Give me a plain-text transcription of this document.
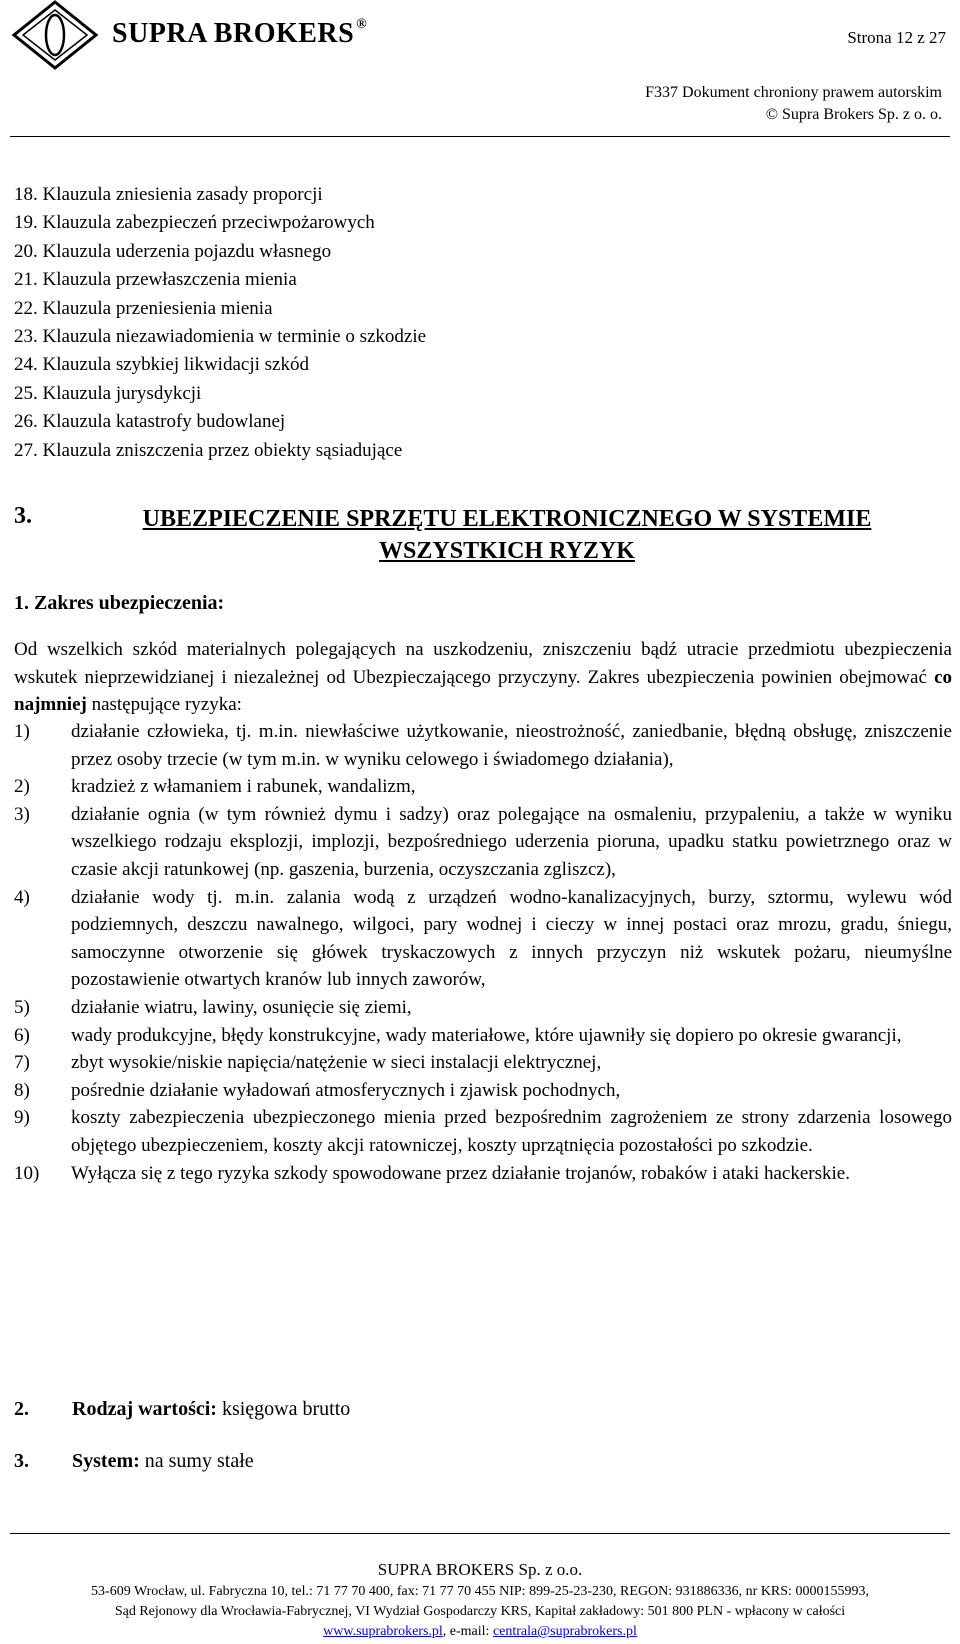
SUPRA BROKERS ®
Strona 12 z 27
F337 Dokument chroniony prawem autorskim
© Supra Brokers Sp. z o. o.
18. Klauzula zniesienia zasady proporcji
19. Klauzula zabezpieczeń przeciwpożarowych
20. Klauzula uderzenia pojazdu własnego
21. Klauzula przewłaszczenia mienia
22. Klauzula przeniesienia mienia
23. Klauzula niezawiadomienia w terminie o szkodzie
24. Klauzula szybkiej likwidacji szkód
25. Klauzula jurysdykcji
26. Klauzula katastrofy budowlanej
27. Klauzula zniszczenia przez obiekty sąsiadujące
3.	UBEZPIECZENIE SPRZĘTU ELEKTRONICZNEGO W SYSTEMIE WSZYSTKICH RYZYK
1. Zakres ubezpieczenia:
Od wszelkich szkód materialnych polegających na uszkodzeniu, zniszczeniu bądź utracie przedmiotu ubezpieczenia wskutek nieprzewidzianej i niezależnej od Ubezpieczającego przyczyny. Zakres ubezpieczenia powinien obejmować co najmniej następujące ryzyka:
1) działanie człowieka, tj. m.in. niewłaściwe użytkowanie, nieostrożność, zaniedbanie, błędną obsługę, zniszczenie przez osoby trzecie (w tym m.in. w wyniku celowego i świadomego działania),
2) kradzież z włamaniem i rabunek, wandalizm,
3) działanie ognia (w tym również dymu i sadzy) oraz polegające na osmaleniu, przypaleniu, a także w wyniku wszelkiego rodzaju eksplozji, implozji, bezpośredniego uderzenia pioruna, upadku statku powietrznego oraz w czasie akcji ratunkowej (np. gaszenia, burzenia, oczyszczania zgliszcz),
4) działanie wody tj. m.in. zalania wodą z urządzeń wodno-kanalizacyjnych, burzy, sztormu, wylewu wód podziemnych, deszczu nawalnego, wilgoci, pary wodnej i cieczy w innej postaci oraz mrozu, gradu, śniegu, samoczynne otworzenie się główek tryskaczowych z innych przyczyn niż wskutek pożaru, nieumyślne pozostawienie otwartych kranów lub innych zaworów,
5) działanie wiatru, lawiny, osunięcie się ziemi,
6) wady produkcyjne, błędy konstrukcyjne, wady materiałowe, które ujawniły się dopiero po okresie gwarancji,
7) zbyt wysokie/niskie napięcia/natężenie w sieci instalacji elektrycznej,
8) pośrednie działanie wyładowań atmosferycznych i zjawisk pochodnych,
9) koszty zabezpieczenia ubezpieczonego mienia przed bezpośrednim zagrożeniem ze strony zdarzenia losowego objętego ubezpieczeniem, koszty akcji ratowniczej, koszty uprzątnięcia pozostałości po szkodzie.
10) Wyłącza się z tego ryzyka szkody spowodowane przez działanie trojanów, robaków i ataki hackerskie.
2. Rodzaj wartości: księgowa brutto
3. System: na sumy stałe
SUPRA BROKERS Sp. z o.o.
53-609 Wrocław, ul. Fabryczna 10, tel.: 71 77 70 400, fax: 71 77 70 455 NIP: 899-25-23-230, REGON: 931886336, nr KRS: 0000155993,
Sąd Rejonowy dla Wrocławia-Fabrycznej, VI Wydział Gospodarczy KRS, Kapitał zakładowy: 501 800 PLN - wpłacony w całości
www.suprabrokers.pl, e-mail: centrala@suprabrokers.pl
